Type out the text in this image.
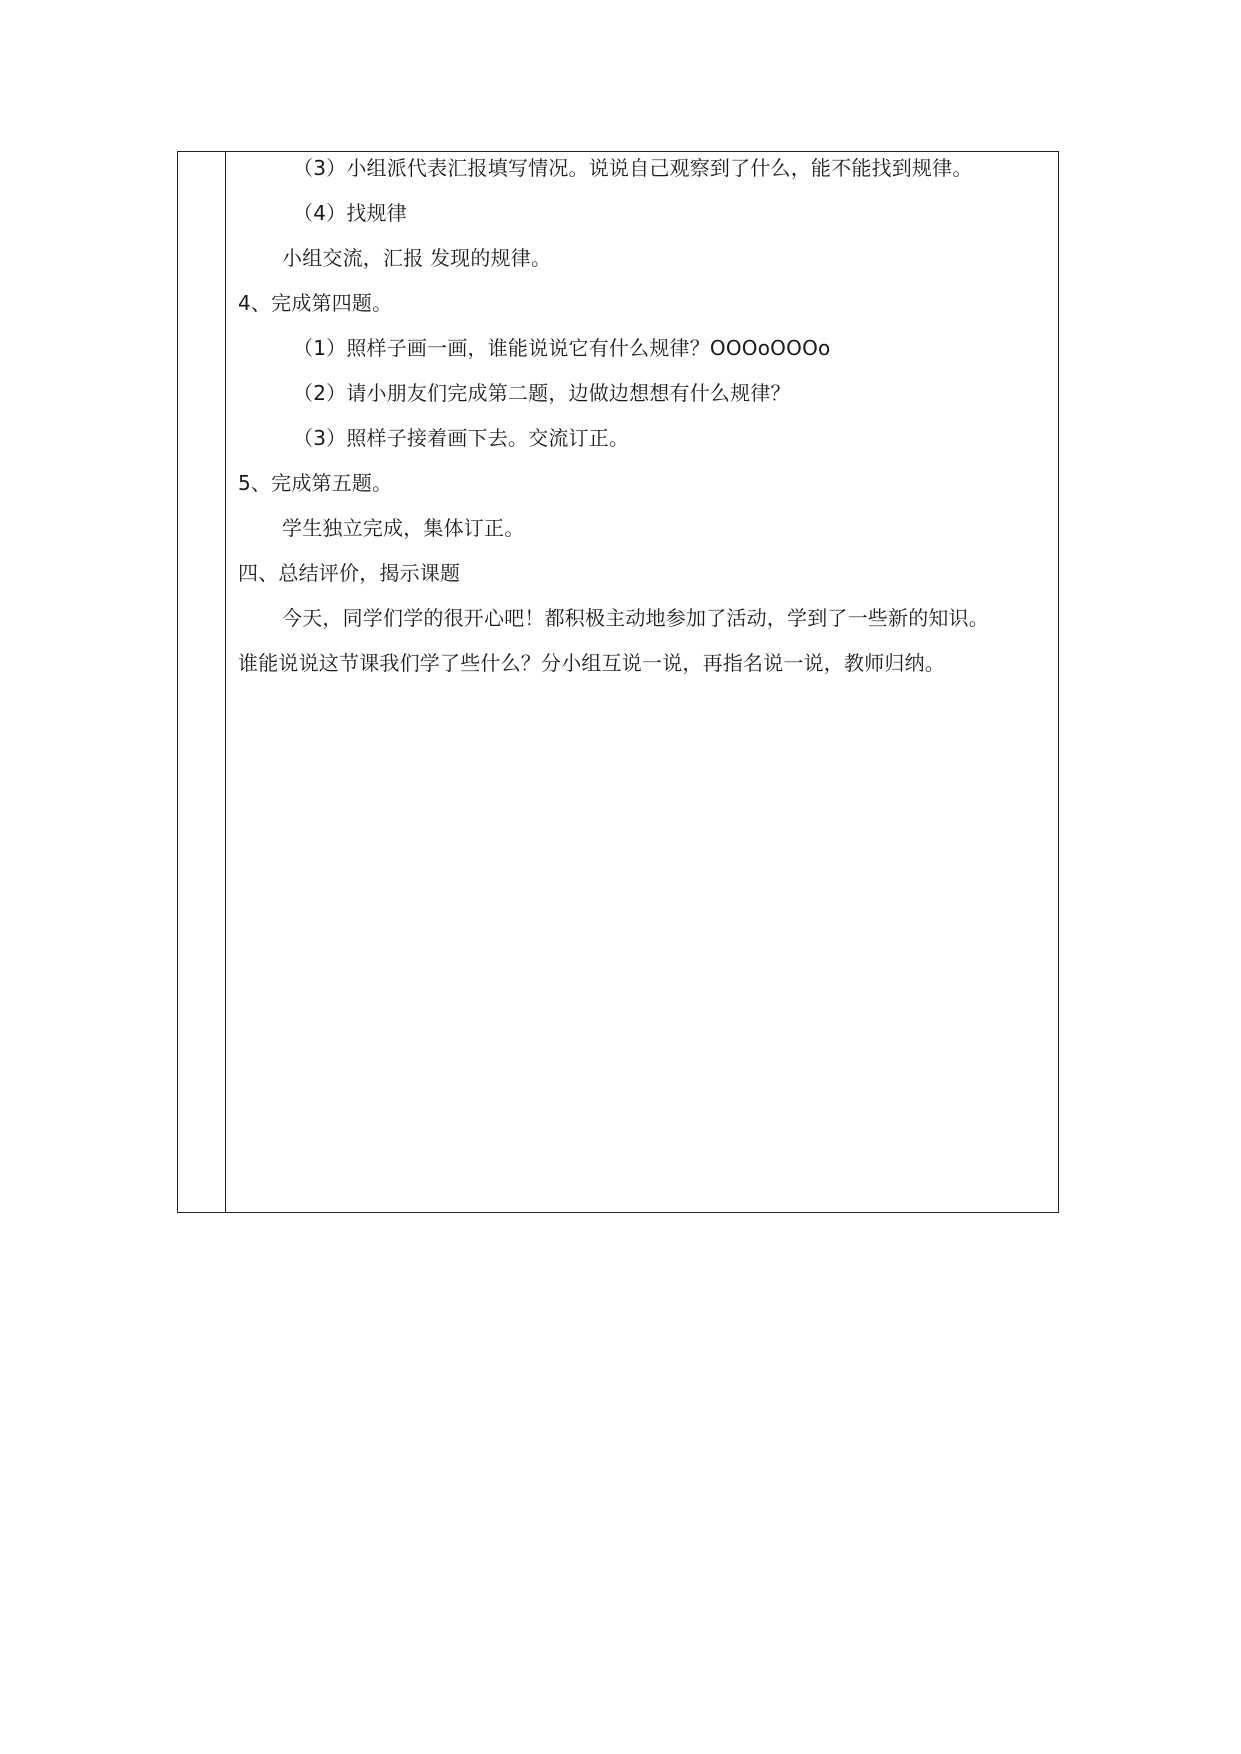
（3）小组派代表汇报填写情况。说说自己观察到了什么，能不能找到规律。
（4）找规律
小组交流，汇报 发现的规律。
4、完成第四题。
（1）照样子画一画，谁能说说它有什么规律？ОООoОООo
（2）请小朋友们完成第二题，边做边想想有什么规律？
（3）照样子接着画下去。交流订正。
5、完成第五题。
学生独立完成，集体订正。
四、总结评价，揭示课题
今天，同学们学的很开心吧！都积极主动地参加了活动，学到了一些新的知识。
谁能说说这节课我们学了些什么？分小组互说一说，再指名说一说，教师归纳。
